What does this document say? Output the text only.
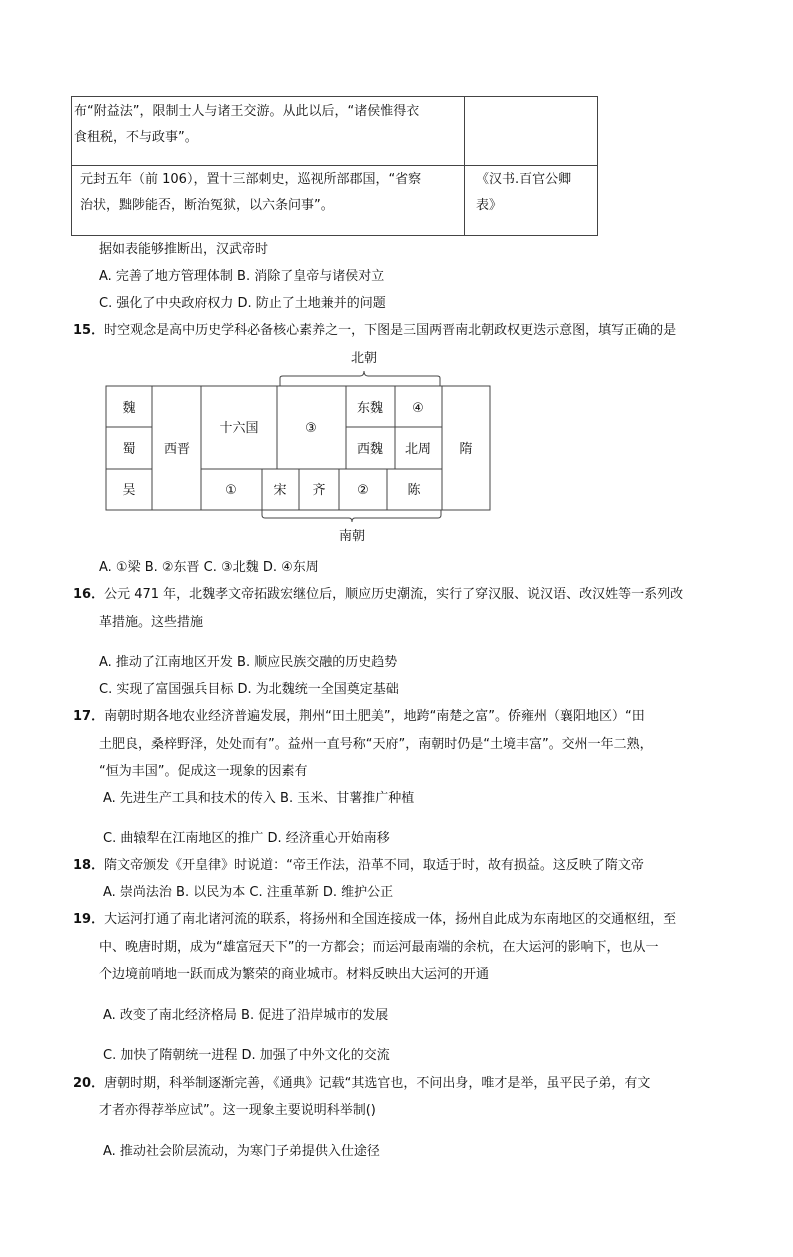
布“附益法”，限制士人与诸王交游。从此以后，“诸侯惟得衣
食租税，不与政事”。
元封五年（前 106），置十三部刺史，巡视所部郡国，“省察
治状，黜陟能否，断治冤狱，以六条问事”。
《汉书.百官公卿
表》
据如表能够推断出，汉武帝时
A. 完善了地方管理体制 B. 消除了皇帝与诸侯对立
C. 强化了中央政府权力 D. 防止了土地兼并的问题
15．时空观念是高中历史学科必备核心素养之一，下图是三国两晋南北朝政权更迭示意图，填写正确的是
北朝
南朝
魏
蜀
吴
西晋
十六国	③
东魏 ④
西魏 北周
①	宋 齐 ②	陈
隋
A. ①梁 B. ②东晋 C. ③北魏 D. ④东周
16．公元 471 年，北魏孝文帝拓跋宏继位后，顺应历史潮流，实行了穿汉服、说汉语、改汉姓等一系列改
革措施。这些措施
A. 推动了江南地区开发 B. 顺应民族交融的历史趋势
C. 实现了富国强兵目标 D. 为北魏统一全国奠定基础
17．南朝时期各地农业经济普遍发展，荆州“田土肥美”，地跨“南楚之富”。侨雍州（襄阳地区）“田
土肥良，桑梓野泽，处处而有”。益州一直号称“天府”，南朝时仍是“土境丰富”。交州一年二熟，
“恒为丰国”。促成这一现象的因素有
A. 先进生产工具和技术的传入 B. 玉米、甘薯推广种植
C. 曲辕犁在江南地区的推广 D. 经济重心开始南移
18．隋文帝颁发《开皇律》时说道：“帝王作法，沿革不同，取适于时，故有损益。这反映了隋文帝
A. 崇尚法治 B. 以民为本 C. 注重革新 D. 维护公正
19．大运河打通了南北诸河流的联系，将扬州和全国连接成一体，扬州自此成为东南地区的交通枢纽，至
中、晚唐时期，成为“雄富冠天下”的一方都会；而运河最南端的余杭，在大运河的影响下，也从一
个边境前哨地一跃而成为繁荣的商业城市。材料反映出大运河的开通
A. 改变了南北经济格局 B. 促进了沿岸城市的发展
C. 加快了隋朝统一进程 D. 加强了中外文化的交流
20．唐朝时期，科举制逐渐完善，《通典》记载“其选官也，不问出身，唯才是举，虽平民子弟，有文
才者亦得荐举应试”。这一现象主要说明科举制()
A. 推动社会阶层流动，为寒门子弟提供入仕途径
